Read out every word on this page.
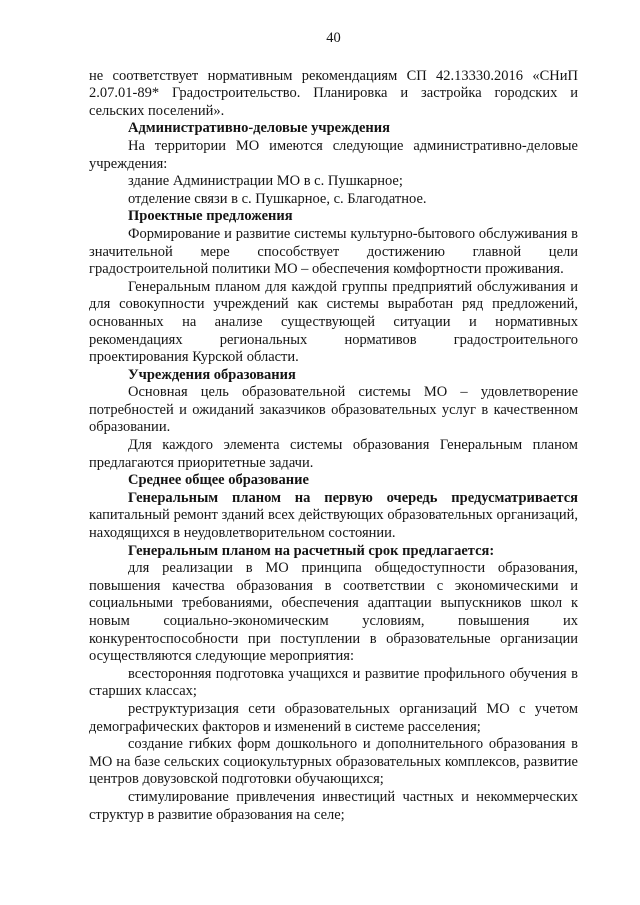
40
не соответствует нормативным рекомендациям СП 42.13330.2016 «СНиП 2.07.01-89* Градостроительство. Планировка и застройка городских и сельских поселений».
Административно-деловые учреждения
На территории МО имеются следующие административно-деловые учреждения:
здание Администрации МО в с. Пушкарное;
отделение связи в с. Пушкарное, с. Благодатное.
Проектные предложения
Формирование и развитие системы культурно-бытового обслуживания в значительной мере способствует достижению главной цели градостроительной политики МО – обеспечения комфортности проживания.
Генеральным планом для каждой группы предприятий обслуживания и для совокупности учреждений как системы выработан ряд предложений, основанных на анализе существующей ситуации и нормативных рекомендациях региональных нормативов градостроительного проектирования Курской области.
Учреждения образования
Основная цель образовательной системы МО – удовлетворение потребностей и ожиданий заказчиков образовательных услуг в качественном образовании.
Для каждого элемента системы образования Генеральным планом предлагаются приоритетные задачи.
Среднее общее образование
Генеральным планом на первую очередь предусматривается капитальный ремонт зданий всех действующих образовательных организаций, находящихся в неудовлетворительном состоянии.
Генеральным планом на расчетный срок предлагается:
для реализации в МО принципа общедоступности образования, повышения качества образования в соответствии с экономическими и социальными требованиями, обеспечения адаптации выпускников школ к новым социально-экономическим условиям, повышения их конкурентоспособности при поступлении в образовательные организации осуществляются следующие мероприятия:
всесторонняя подготовка учащихся и развитие профильного обучения в старших классах;
реструктуризация сети образовательных организаций МО с учетом демографических факторов и изменений в системе расселения;
создание гибких форм дошкольного и дополнительного образования в МО на базе сельских социокультурных образовательных комплексов, развитие центров довузовской подготовки обучающихся;
стимулирование привлечения инвестиций частных и некоммерческих структур в развитие образования на селе;
